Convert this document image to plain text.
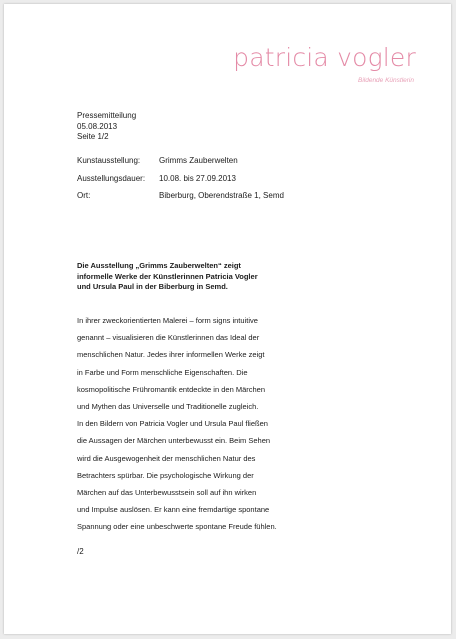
patricia vogler
Bildende Künstlerin
Pressemitteilung
05.08.2013
Seite 1/2
Kunstausstellung:	Grimms Zauberwelten
Ausstellungsdauer:	10.08. bis 27.09.2013
Ort:	Biberburg, Oberendstraße 1, Semd
Die Ausstellung „Grimms Zauberwelten“ zeigt
informelle Werke der Künstlerinnen Patricia Vogler
und Ursula Paul in der Biberburg in Semd.
In ihrer zweckorientierten Malerei – form signs intuitive
genannt – visualisieren die Künstlerinnen das Ideal der
menschlichen Natur. Jedes ihrer informellen Werke zeigt
in Farbe und Form menschliche Eigenschaften. Die
kosmopolitische Frühromantik entdeckte in den Märchen
und Mythen das Universelle und Traditionelle zugleich.
In den Bildern von Patricia Vogler und Ursula Paul fließen
die Aussagen der Märchen unterbewusst ein. Beim Sehen
wird die Ausgewogenheit der menschlichen Natur des
Betrachters spürbar. Die psychologische Wirkung der
Märchen auf das Unterbewusstsein soll auf ihn wirken
und Impulse auslösen. Er kann eine fremdartige spontane
Spannung oder eine unbeschwerte spontane Freude fühlen.
/2
